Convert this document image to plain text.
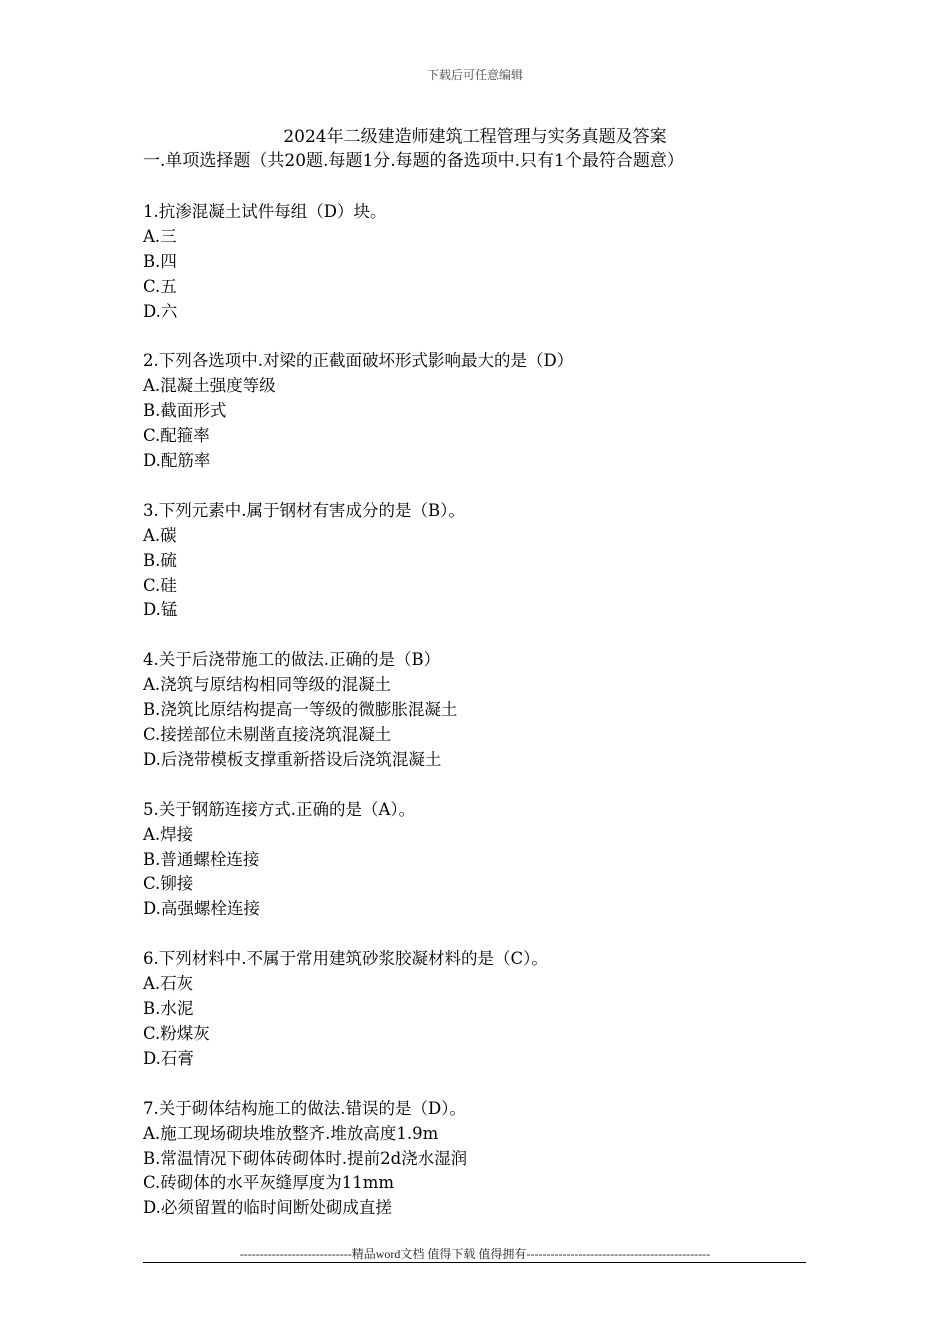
下载后可任意编辑
2024年二级建造师建筑工程管理与实务真题及答案
一.单项选择题（共20题.每题1分.每题的备选项中.只有1个最符合题意）
1.抗渗混凝土试件每组（D）块。
A.三
B.四
C.五
D.六
2.下列各选项中.对梁的正截面破坏形式影响最大的是（D）
A.混凝土强度等级
B.截面形式
C.配箍率
D.配筋率
3.下列元素中.属于钢材有害成分的是（B）。
A.碳
B.硫
C.硅
D.锰
4.关于后浇带施工的做法.正确的是（B）
A.浇筑与原结构相同等级的混凝土
B.浇筑比原结构提高一等级的微膨胀混凝土
C.接搓部位未剔凿直接浇筑混凝土
D.后浇带模板支撑重新搭设后浇筑混凝土
5.关于钢筋连接方式.正确的是（A）。
A.焊接
B.普通螺栓连接
C.铆接
D.高强螺栓连接
6.下列材料中.不属于常用建筑砂浆胶凝材料的是（C）。
A.石灰
B.水泥
C.粉煤灰
D.石膏
7.关于砌体结构施工的做法.错误的是（D）。
A.施工现场砌块堆放整齐.堆放高度1.9m
B.常温情况下砌体砖砌体时.提前2d浇水湿润
C.砖砌体的水平灰缝厚度为11mm
D.必须留置的临时间断处砌成直搓
----------------------------精品word文档 值得下载 值得拥有----------------------------------------------
